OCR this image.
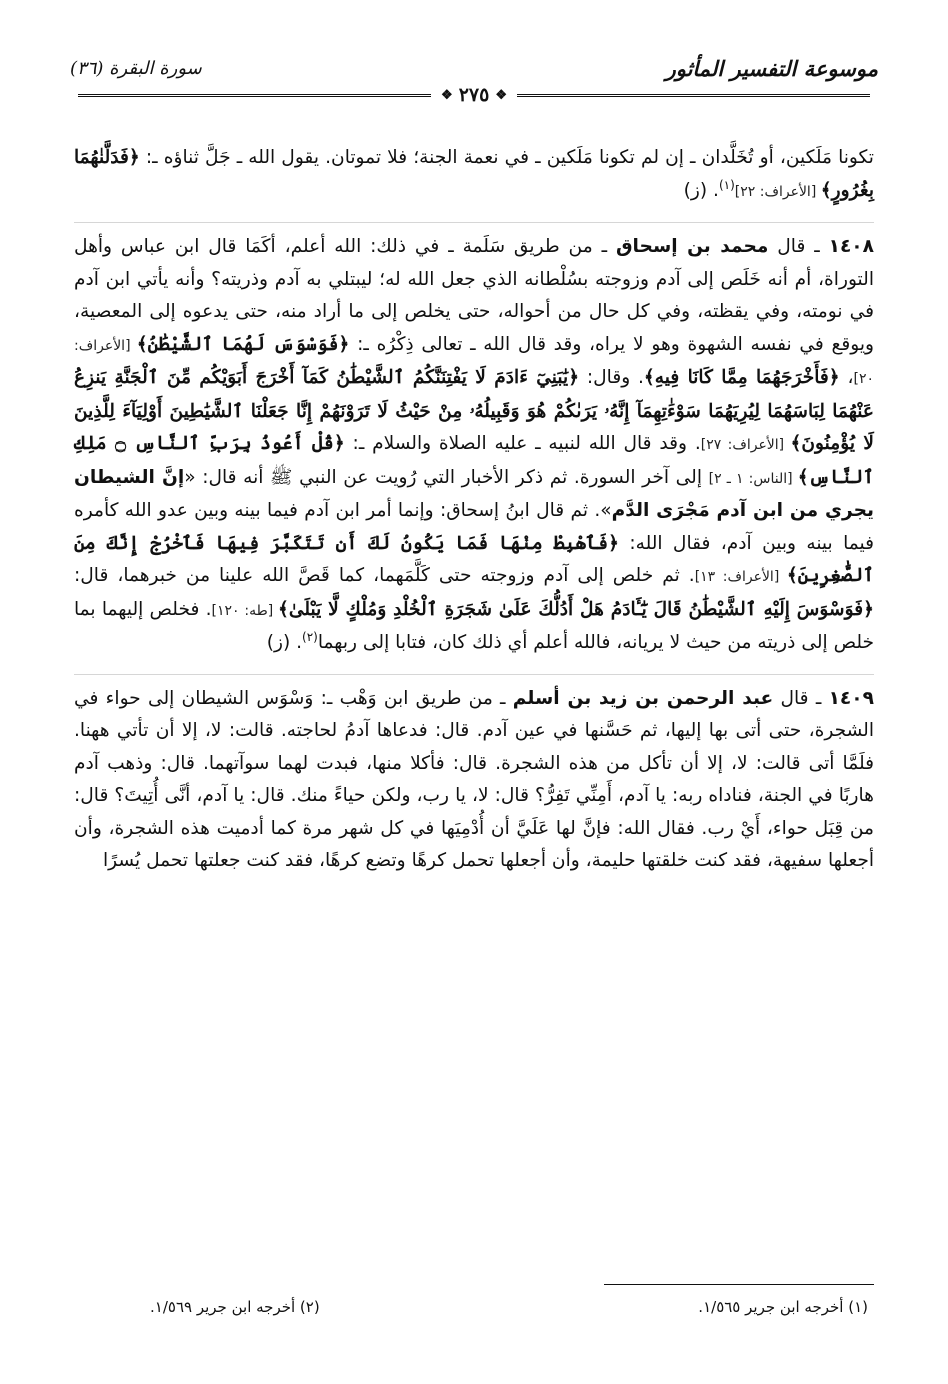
موسوعة التفسير المأثور
سورة البقرة (٣٦)
❖ ٢٧٥ ❖

تكونا مَلَكين، أو تُخَلَّدان ـ إن لم تكونا مَلَكين ـ في نعمة الجنة؛ فلا تموتان. يقول الله ـ جَلَّ ثناؤه ـ: ﴿فَدَلَّنٰهُمَا بِغُرُورٍ﴾ [الأعراف: ٢٢]$^{(١)}$. (ز)

١٤٠٨ ـ قال محمد بن إسحاق ـ من طريق سَلَمة ـ في ذلك: الله أعلم، أكَمَا قال ابن عباس وأهل التوراة، أم أنه خَلَص إلى آدم وزوجته بسُلْطانه الذي جعل الله له؛ ليبتلي به آدم وذريته؟ وأنه يأتي ابن آدم في نومته، وفي يقظته، وفي كل حال من أحواله، حتى يخلص إلى ما أراد منه، حتى يدعوه إلى المعصية، ويوقع في نفسه الشهوة وهو لا يراه، وقد قال الله ـ تعالى ذِكْرُه ـ: ﴿فَوَسْوَسَ لَهُمَا ٱلشَّيْطَٰنُ﴾ [الأعراف: ٢٠]، ﴿فَأَخْرَجَهُمَا مِمَّا كَانَا فِيهِ﴾. وقال: ﴿يَٰبَنِيٓ ءَادَمَ لَا يَفْتِنَنَّكُمُ ٱلشَّيْطَٰنُ كَمَآ أَخْرَجَ أَبَوَيْكُم مِّنَ ٱلْجَنَّةِ يَنزِعُ عَنْهُمَا لِبَاسَهُمَا لِيُرِيَهُمَا سَوْءَٰتِهِمَآ إِنَّهُۥ يَرَىٰكُمْ هُوَ وَقَبِيلُهُۥ مِنْ حَيْثُ لَا تَرَوْنَهُمْ إِنَّا جَعَلْنَا ٱلشَّيَٰطِينَ أَوْلِيَآءَ لِلَّذِينَ لَا يُؤْمِنُونَ﴾ [الأعراف: ٢٧]. وقد قال الله لنبيه ـ عليه الصلاة والسلام ـ: ﴿قُلْ أَعُوذُ بِرَبِّ ٱلنَّاسِ ۝ مَلِكِ ٱلنَّاسِ﴾ [الناس: ١ ـ ٢] إلى آخر السورة. ثم ذكر الأخبار التي رُويت عن النبي ﷺ أنه قال: «إنَّ الشيطان يجري من ابن آدم مَجْرَى الدَّم». ثم قال ابنُ إسحاق: وإنما أمر ابن آدم فيما بينه وبين عدو الله كأمره فيما بينه وبين آدم، فقال الله: ﴿فَٱهْبِطْ مِنْهَا فَمَا يَكُونُ لَكَ أَن تَتَكَبَّرَ فِيهَا فَٱخْرُجْ إِنَّكَ مِنَ ٱلصَّٰغِرِينَ﴾ [الأعراف: ١٣]. ثم خلص إلى آدم وزوجته حتى كَلَّمَهما، كما قَصَّ الله علينا من خبرهما، قال: ﴿فَوَسْوَسَ إِلَيْهِ ٱلشَّيْطَٰنُ قَالَ يَٰٓـَٔادَمُ هَلْ أَدُلُّكَ عَلَىٰ شَجَرَةِ ٱلْخُلْدِ وَمُلْكٍ لَّا يَبْلَىٰ﴾ [طه: ١٢٠]. فخلص إليهما بما خلص إلى ذريته من حيث لا يريانه، فالله أعلم أي ذلك كان، فتابا إلى ربهما$^{(٢)}$. (ز)

١٤٠٩ ـ قال عبد الرحمن بن زيد بن أسلم ـ من طريق ابن وَهْب ـ: وَسْوَس الشيطان إلى حواء في الشجرة، حتى أتى بها إليها، ثم حَسَّنها في عين آدم. قال: فدعاها آدمُ لحاجته. قالت: لا، إلا أن تأتي ههنا. فلَمَّا أتى قالت: لا، إلا أن تأكل من هذه الشجرة. قال: فأكلا منها، فبدت لهما سوآتهما. قال: وذهب آدم هاربًا في الجنة، فناداه ربه: يا آدم، أَمِنِّي تَفِرُّ؟ قال: لا، يا رب، ولكن حياءً منك. قال: يا آدم، أنَّى أُتِيتَ؟ قال: من قِبَل حواء، أَيْ رب. فقال الله: فإنَّ لها عَلَيَّ أن أُدْمِيَها في كل شهر مرة كما أدميت هذه الشجرة، وأن أجعلها سفيهة، فقد كنت خلقتها حليمة، وأن أجعلها تحمل كرهًا وتضع كرهًا، فقد كنت جعلتها تحمل يُسرًا

(١) أخرجه ابن جرير ١/٥٦٥.
(٢) أخرجه ابن جرير ١/٥٦٩.
